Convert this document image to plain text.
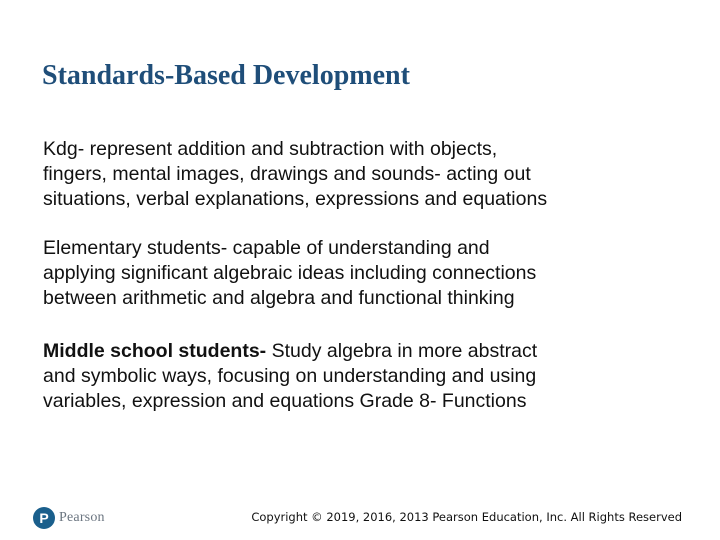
Standards-Based Development
Kdg- represent addition and subtraction with objects,
fingers, mental images, drawings and sounds- acting out
situations, verbal explanations, expressions and equations
Elementary students- capable of understanding and
applying significant algebraic ideas including connections
between arithmetic and algebra and functional thinking
Middle school students- Study algebra in more abstract
and symbolic ways, focusing on understanding and using
variables, expression and equations Grade 8- Functions
P Pearson	Copyright © 2019, 2016, 2013 Pearson Education, Inc. All Rights Reserved
